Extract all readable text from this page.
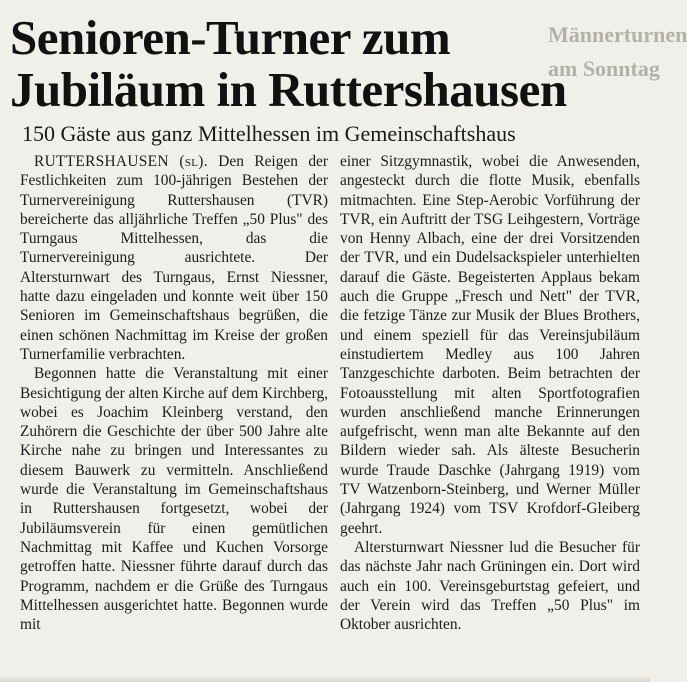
Männerturnen
am Sonntag
Senioren-Turner zum
Jubiläum in Ruttershausen
150 Gäste aus ganz Mittelhessen im Gemeinschaftshaus

RUTTERSHAUSEN (sl). Den Reigen der Festlichkeiten zum 100-jährigen Bestehen der Turnervereinigung Ruttershausen (TVR) bereicherte das alljährliche Treffen „50 Plus" des Turngaus Mittelhessen, das die Turnervereinigung ausrichtete. Der Altersturnwart des Turngaus, Ernst Niessner, hatte dazu eingeladen und konnte weit über 150 Senioren im Gemeinschaftshaus begrüßen, die einen schönen Nachmittag im Kreise der großen Turnerfamilie verbrachten.

Begonnen hatte die Veranstaltung mit einer Besichtigung der alten Kirche auf dem Kirchberg, wobei es Joachim Kleinberg verstand, den Zuhörern die Geschichte der über 500 Jahre alte Kirche nahe zu bringen und Interessantes zu diesem Bauwerk zu vermitteln. Anschließend wurde die Veranstaltung im Gemeinschaftshaus in Ruttershausen fortgesetzt, wobei der Jubiläumsverein für einen gemütlichen Nachmittag mit Kaffee und Kuchen Vorsorge getroffen hatte. Niessner führte darauf durch das Programm, nachdem er die Grüße des Turngaus Mittelhessen ausgerichtet hatte. Begonnen wurde mit

einer Sitzgymnastik, wobei die Anwesenden, angesteckt durch die flotte Musik, ebenfalls mitmachten. Eine Step-Aerobic Vorführung der TVR, ein Auftritt der TSG Leihgestern, Vorträge von Henny Albach, eine der drei Vorsitzenden der TVR, und ein Dudelsackspieler unterhielten darauf die Gäste. Begeisterten Applaus bekam auch die Gruppe „Fresch und Nett" der TVR, die fetzige Tänze zur Musik der Blues Brothers, und einem speziell für das Vereinsjubiläum einstudiertem Medley aus 100 Jahren Tanzgeschichte darboten. Beim betrachten der Fotoausstellung mit alten Sportfotografien wurden anschließend manche Erinnerungen aufgefrischt, wenn man alte Bekannte auf den Bildern wieder sah. Als älteste Besucherin wurde Traude Daschke (Jahrgang 1919) vom TV Watzenborn-Steinberg, und Werner Müller (Jahrgang 1924) vom TSV Krofdorf-Gleiberg geehrt.

Altersturnwart Niessner lud die Besucher für das nächste Jahr nach Grüningen ein. Dort wird auch ein 100. Vereinsgeburtstag gefeiert, und der Verein wird das Treffen „50 Plus" im Oktober ausrichten.
